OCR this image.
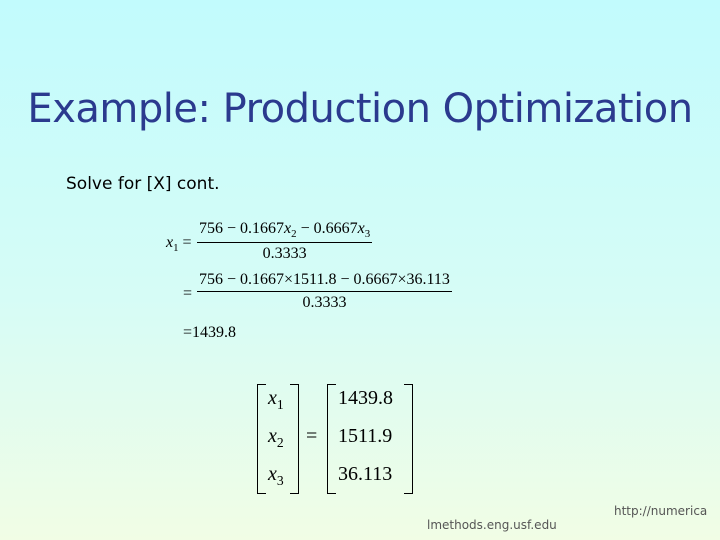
Example: Production Optimization
Solve for [X] cont.
$x_1 = \frac{756 - 0.1667x_2 - 0.6667x_3}{0.3333}$
= $\frac{756 - 0.1667\times 1511.8 - 0.6667\times 36.113}{0.3333}$
=1439.8
$x_1$
$x_2$
$x_3$
=
1439.8
1511.9
36.113
lmethods.eng.usf.edu
http://numerica
